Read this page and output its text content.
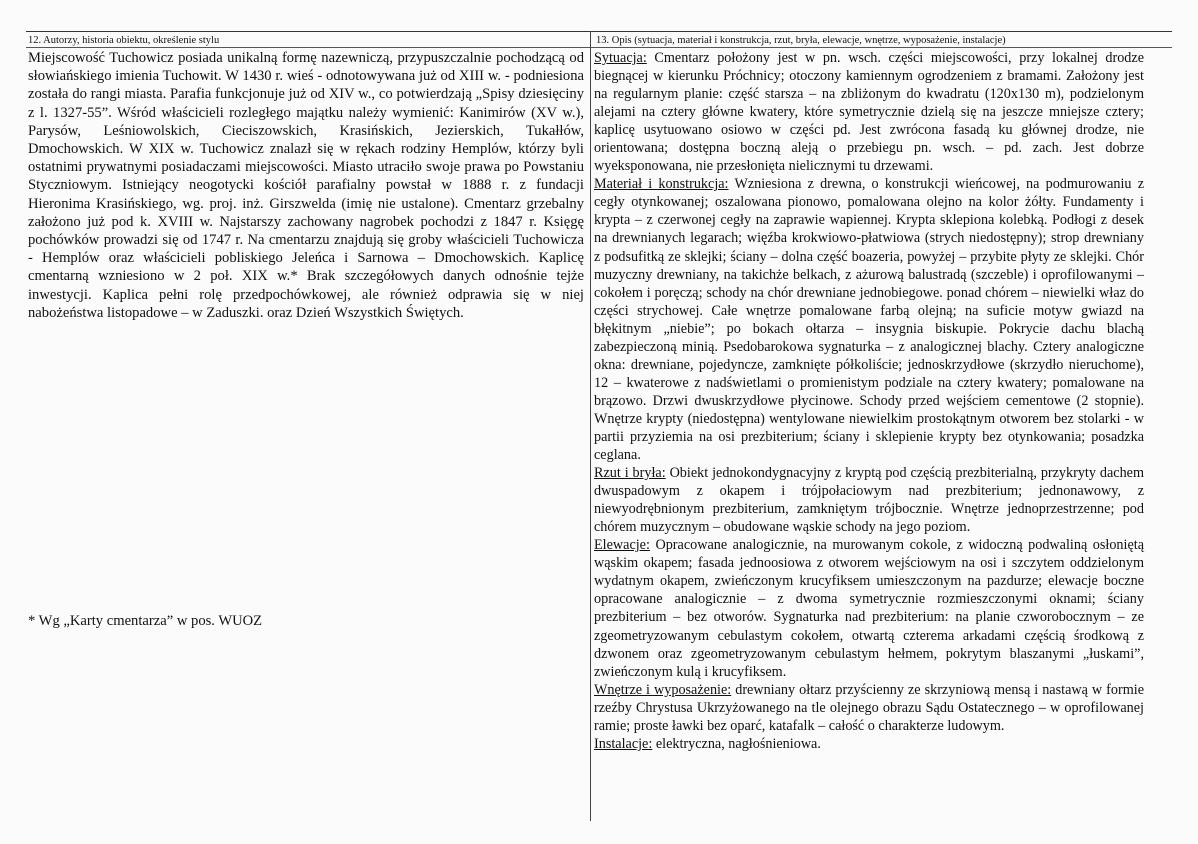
12. Autorzy, historia obiektu, określenie stylu	13. Opis (sytuacja, materiał i konstrukcja, rzut, bryła, elewacje, wnętrze, wyposażenie, instalacje)

Miejscowość Tuchowicz posiada unikalną formę nazewniczą, przypuszczalnie pochodzącą od słowiańskiego imienia Tuchowit. W 1430 r. wieś - odnotowywana już od XIII w. - podniesiona została do rangi miasta. Parafia funkcjonuje już od XIV w., co potwierdzają „Spisy dziesięciny z l. 1327-55”. Wśród właścicieli rozległego majątku należy wymienić: Kanimirów (XV w.), Parysów, Leśniowolskich, Cieciszowskich, Krasińskich, Jezierskich, Tukałłów, Dmochowskich. W XIX w. Tuchowicz znalazł się w rękach rodziny Hemplów, którzy byli ostatnimi prywatnymi posiadaczami miejscowości. Miasto utraciło swoje prawa po Powstaniu Styczniowym. Istniejący neogotycki kościół parafialny powstał w 1888 r. z fundacji Hieronima Krasińskiego, wg. proj. inż. Girszwelda (imię nie ustalone). Cmentarz grzebalny założono już pod k. XVIII w. Najstarszy zachowany nagrobek pochodzi z 1847 r. Księgę pochówków prowadzi się od 1747 r. Na cmentarzu znajdują się groby właścicieli Tuchowicza - Hemplów oraz właścicieli pobliskiego Jeleńca i Sarnowa – Dmochowskich. Kaplicę cmentarną wzniesiono w 2 poł. XIX w.* Brak szczegółowych danych odnośnie tejże inwestycji. Kaplica pełni rolę przedpochówkowej, ale również odprawia się w niej nabożeństwa listopadowe – w Zaduszki. oraz Dzień Wszystkich Świętych.

* Wg „Karty cmentarza” w pos. WUOZ

Sytuacja: Cmentarz położony jest w pn. wsch. części miejscowości, przy lokalnej drodze biegnącej w kierunku Próchnicy; otoczony kamiennym ogrodzeniem z bramami. Założony jest na regularnym planie: część starsza – na zbliżonym do kwadratu (120x130 m), podzielonym alejami na cztery główne kwatery, które symetrycznie dzielą się na jeszcze mniejsze cztery; kaplicę usytuowano osiowo w części pd. Jest zwrócona fasadą ku głównej drodze, nie orientowana; dostępna boczną aleją o przebiegu pn. wsch. – pd. zach. Jest dobrze wyeksponowana, nie przesłonięta nielicznymi tu drzewami.

Materiał i konstrukcja: Wzniesiona z drewna, o konstrukcji wieńcowej, na podmurowaniu z cegły otynkowanej; oszalowana pionowo, pomalowana olejno na kolor żółty. Fundamenty i krypta – z czerwonej cegły na zaprawie wapiennej. Krypta sklepiona kolebką. Podłogi z desek na drewnianych legarach; więźba krokwiowo-płatwiowa (strych niedostępny); strop drewniany z podsufitką ze sklejki; ściany – dolna część boazeria, powyżej – przybite płyty ze sklejki. Chór muzyczny drewniany, na takichże belkach, z ażurową balustradą (szczeble) i oprofilowanymi – cokołem i poręczą; schody na chór drewniane jednobiegowe. ponad chórem – niewielki właz do części strychowej. Całe wnętrze pomalowane farbą olejną; na suficie motyw gwiazd na błękitnym „niebie”; po bokach ołtarza – insygnia biskupie. Pokrycie dachu blachą zabezpieczoną minią. Psedobarokowa sygnaturka – z analogicznej blachy. Cztery analogiczne okna: drewniane, pojedyncze, zamknięte półkoliście; jednoskrzydłowe (skrzydło nieruchome), 12 – kwaterowe z nadświetlami o promienistym podziale na cztery kwatery; pomalowane na brązowo. Drzwi dwuskrzydłowe płycinowe. Schody przed wejściem cementowe (2 stopnie). Wnętrze krypty (niedostępna) wentylowane niewielkim prostokątnym otworem bez stolarki - w partii przyziemia na osi prezbiterium; ściany i sklepienie krypty bez otynkowania; posadzka ceglana.

Rzut i bryła: Obiekt jednokondygnacyjny z kryptą pod częścią prezbiterialną, przykryty dachem dwuspadowym z okapem i trójpołaciowym nad prezbiterium; jednonawowy, z niewyodrębnionym prezbiterium, zamkniętym trójbocznie. Wnętrze jednoprzestrzenne; pod chórem muzycznym – obudowane wąskie schody na jego poziom.

Elewacje: Opracowane analogicznie, na murowanym cokole, z widoczną podwaliną osłoniętą wąskim okapem; fasada jednoosiowa z otworem wejściowym na osi i szczytem oddzielonym wydatnym okapem, zwieńczonym krucyfiksem umieszczonym na pazdurze; elewacje boczne opracowane analogicznie – z dwoma symetrycznie rozmieszczonymi oknami; ściany prezbiterium – bez otworów. Sygnaturka nad prezbiterium: na planie czworobocznym – ze zgeometryzowanym cebulastym cokołem, otwartą czterema arkadami częścią środkową z dzwonem oraz zgeometryzowanym cebulastym hełmem, pokrytym blaszanymi „łuskami”, zwieńczonym kulą i krucyfiksem.

Wnętrze i wyposażenie: drewniany ołtarz przyścienny ze skrzyniową mensą i nastawą w formie rzeźby Chrystusa Ukrzyżowanego na tle olejnego obrazu Sądu Ostatecznego – w oprofilowanej ramie; proste ławki bez oparć, katafalk – całość o charakterze ludowym.

Instalacje: elektryczna, nagłośnieniowa.
